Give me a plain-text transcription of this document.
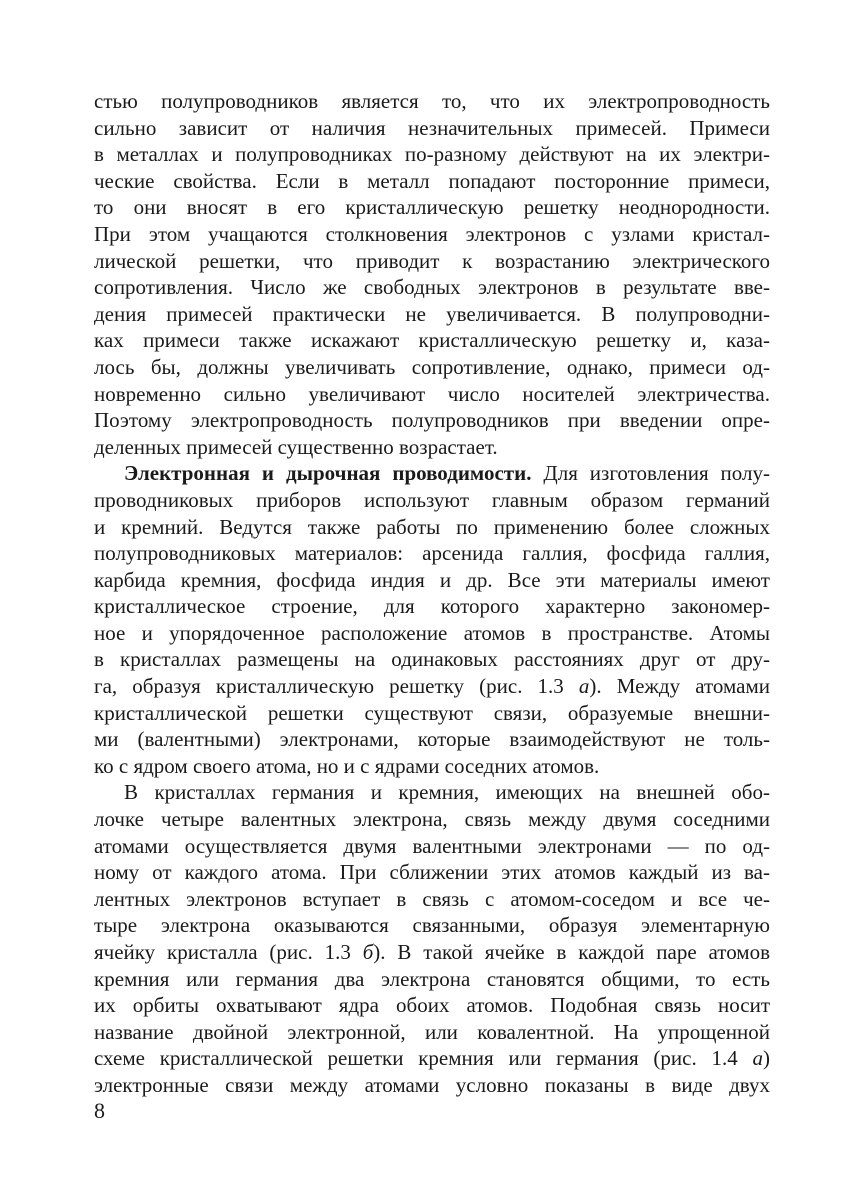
стью полупроводников является то, что их электропроводность
сильно зависит от наличия незначительных примесей. Примеси
в металлах и полупроводниках по-разному действуют на их электри-
ческие свойства. Если в металл попадают посторонние примеси,
то они вносят в его кристаллическую решетку неоднородности.
При этом учащаются столкновения электронов с узлами кристал-
лической решетки, что приводит к возрастанию электрического
сопротивления. Число же свободных электронов в результате вве-
дения примесей практически не увеличивается. В полупроводни-
ках примеси также искажают кристаллическую решетку и, каза-
лось бы, должны увеличивать сопротивление, однако, примеси од-
новременно сильно увеличивают число носителей электричества.
Поэтому электропроводность полупроводников при введении опре-
деленных примесей существенно возрастает.
Электронная и дырочная проводимости. Для изготовления полу-
проводниковых приборов используют главным образом германий
и кремний. Ведутся также работы по применению более сложных
полупроводниковых материалов: арсенида галлия, фосфида галлия,
карбида кремния, фосфида индия и др. Все эти материалы имеют
кристаллическое строение, для которого характерно закономер-
ное и упорядоченное расположение атомов в пространстве. Атомы
в кристаллах размещены на одинаковых расстояниях друг от дру-
га, образуя кристаллическую решетку (рис. 1.3 а). Между атомами
кристаллической решетки существуют связи, образуемые внешни-
ми (валентными) электронами, которые взаимодействуют не толь-
ко с ядром своего атома, но и с ядрами соседних атомов.
В кристаллах германия и кремния, имеющих на внешней обо-
лочке четыре валентных электрона, связь между двумя соседними
атомами осуществляется двумя валентными электронами — по од-
ному от каждого атома. При сближении этих атомов каждый из ва-
лентных электронов вступает в связь с атомом-соседом и все че-
тыре электрона оказываются связанными, образуя элементарную
ячейку кристалла (рис. 1.3 б). В такой ячейке в каждой паре атомов
кремния или германия два электрона становятся общими, то есть
их орбиты охватывают ядра обоих атомов. Подобная связь носит
название двойной электронной, или ковалентной. На упрощенной
схеме кристаллической решетки кремния или германия (рис. 1.4 а)
электронные связи между атомами условно показаны в виде двух
8
